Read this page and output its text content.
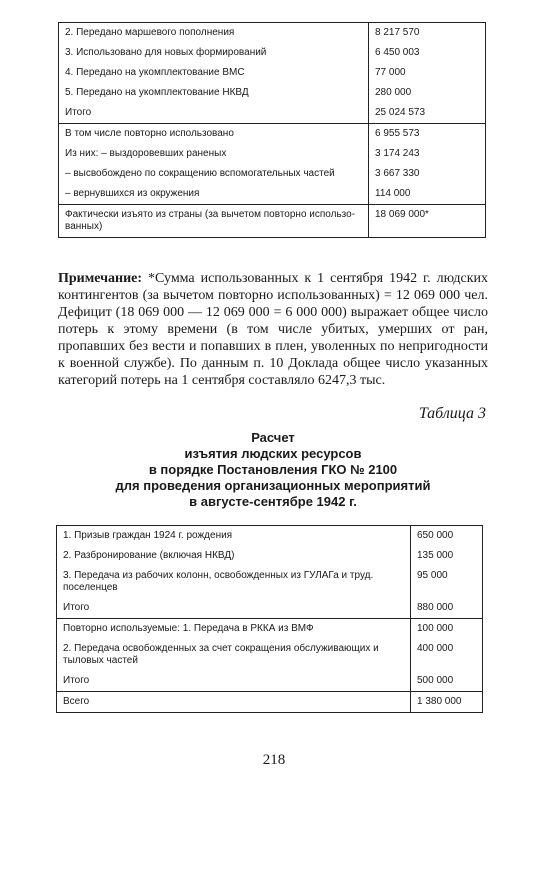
2. Передано маршевого пополнения	8 217 570
3. Использовано для новых формирований	6 450 003
4. Передано на укомплектование ВМС	77 000
5. Передано на укомплектование НКВД	280 000
Итого	25 024 573
В том числе повторно использовано	6 955 573
Из них: – выздоровевших раненых	3 174 243
– высвобождено по сокращению вспомогательных частей	3 667 330
– вернувшихся из окружения	114 000
Фактически изъято из страны (за вычетом повторно использо-ванных)	18 069 000*
Примечание: *Сумма использованных к 1 сентября 1942 г. людских контингентов (за вычетом повторно использованных) = 12 069 000 чел. Дефицит (18 069 000 — 12 069 000 = 6 000 000) выражает общее число потерь к этому времени (в том числе убитых, умерших от ран, пропавших без вести и попавших в плен, уволенных по непригодности к военной службе). По данным п. 10 Доклада общее число указанных категорий потерь на 1 сентября составляло 6247,3 тыс.
Таблица 3
Расчет
изъятия людских ресурсов
в порядке Постановления ГКО № 2100
для проведения организационных мероприятий
в августе-сентябре 1942 г.
1. Призыв граждан 1924 г. рождения	650 000
2. Разбронирование (включая НКВД)	135 000
3. Передача из рабочих колонн, освобожденных из ГУЛАГа и труд. поселенцев	95 000
Итого	880 000
Повторно используемые: 1. Передача в РККА из ВМФ	100 000
2. Передача освобожденных за счет сокращения обслуживающих и тыловых частей	400 000
Итого	500 000
Всего	1 380 000
218
